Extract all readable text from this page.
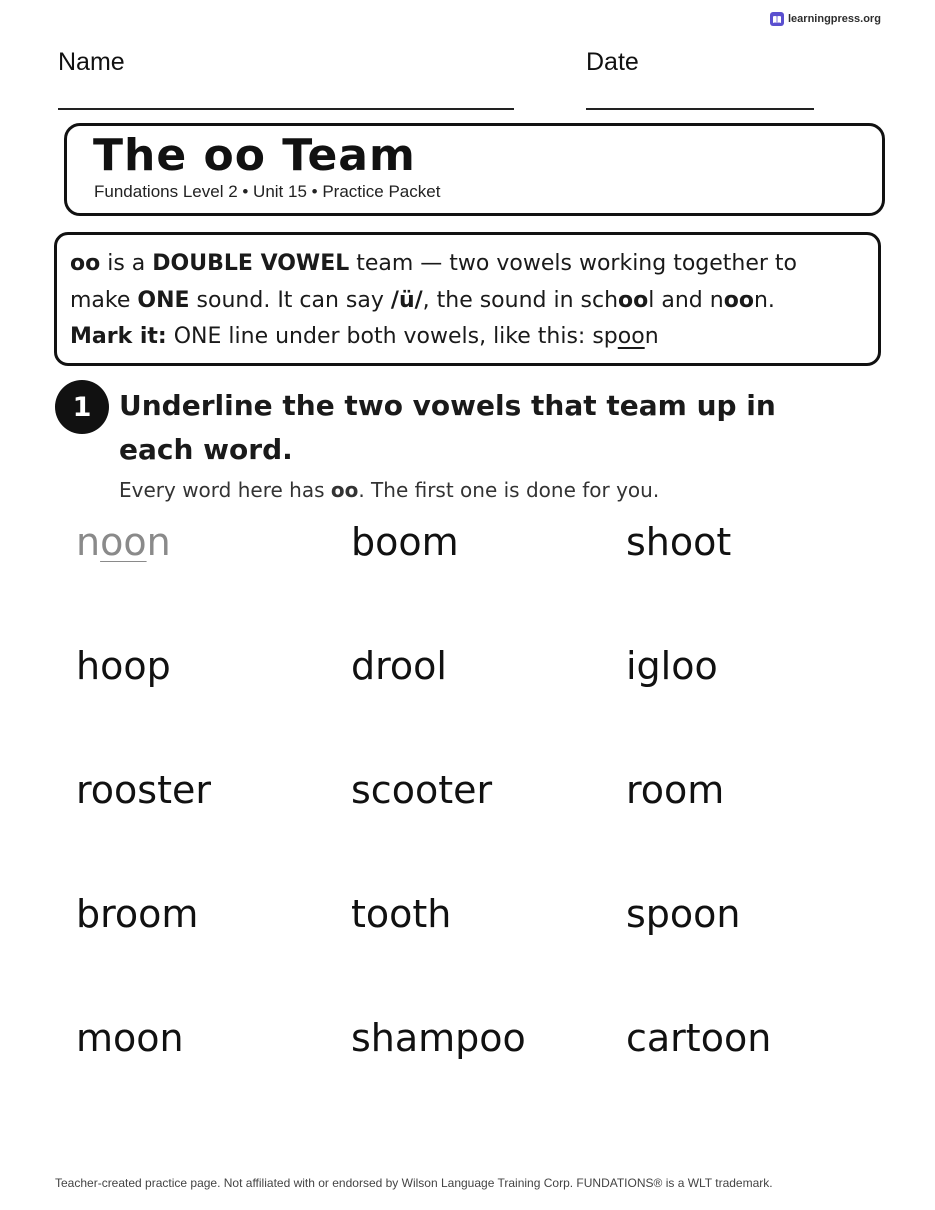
learningpress.org
Name	Date
The oo Team
Fundations Level 2 • Unit 15 • Practice Packet

oo is a DOUBLE VOWEL team — two vowels working together to

make ONE sound. It can say /ü/, the sound in school and noon.

Mark it: ONE line under both vowels, like this: spoon

1 Underline the two vowels that team up in each word.

Every word here has oo. The first one is done for you.
noon	boom	shoot
hoop	drool	igloo
rooster	scooter	room
broom	tooth	spoon
moon	shampoo	cartoon
Teacher-created practice page. Not affiliated with or endorsed by Wilson Language Training Corp. FUNDATIONS® is a WLT trademark.
